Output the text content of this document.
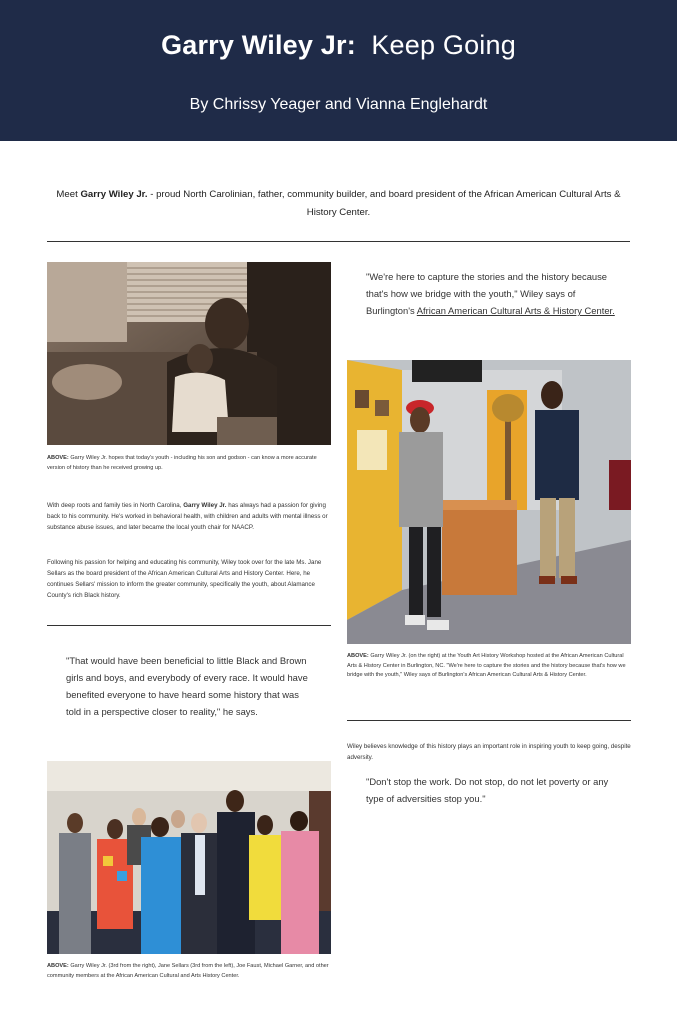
Garry Wiley Jr: Keep Going
By Chrissy Yeager and Vianna Englehardt
Meet Garry Wiley Jr. - proud North Carolinian, father, community builder, and board president of the African American Cultural Arts & History Center.
ABOVE: Garry Wiley Jr. hopes that today's youth - including his son and godson - can know a more accurate version of history than he received growing up.
With deep roots and family ties in North Carolina, Garry Wiley Jr. has always had a passion for giving back to his community. He's worked in behavioral health, with children and adults with mental illness or substance abuse issues, and later became the local youth chair for NAACP.
Following his passion for helping and educating his community, Wiley took over for the late Ms. Jane Sellars as the board president of the African American Cultural Arts and History Center. Here, he continues Sellars' mission to inform the greater community, specifically the youth, about Alamance County's rich Black history.
"That would have been beneficial to little Black and Brown girls and boys, and everybody of every race. It would have benefited everyone to have heard some history that was told in a perspective closer to reality," he says.
ABOVE: Garry Wiley Jr. (3rd from the right), Jane Sellars (3rd from the left), Joe Faust, Michael Garner, and other community members at the African American Cultural and Arts History Center.
"We're here to capture the stories and the history because that's how we bridge with the youth," Wiley says of Burlington's African American Cultural Arts & History Center.
ABOVE: Garry Wiley Jr. (on the right) at the Youth Art History Workshop hosted at the African American Cultural Arts & History Center in Burlington, NC. "We're here to capture the stories and the history because that's how we bridge with the youth," Wiley says of Burlington's African American Cultural Arts & History Center.
Wiley believes knowledge of this history plays an important role in inspiring youth to keep going, despite adversity.
"Don't stop the work. Do not stop, do not let poverty or any type of adversities stop you."
